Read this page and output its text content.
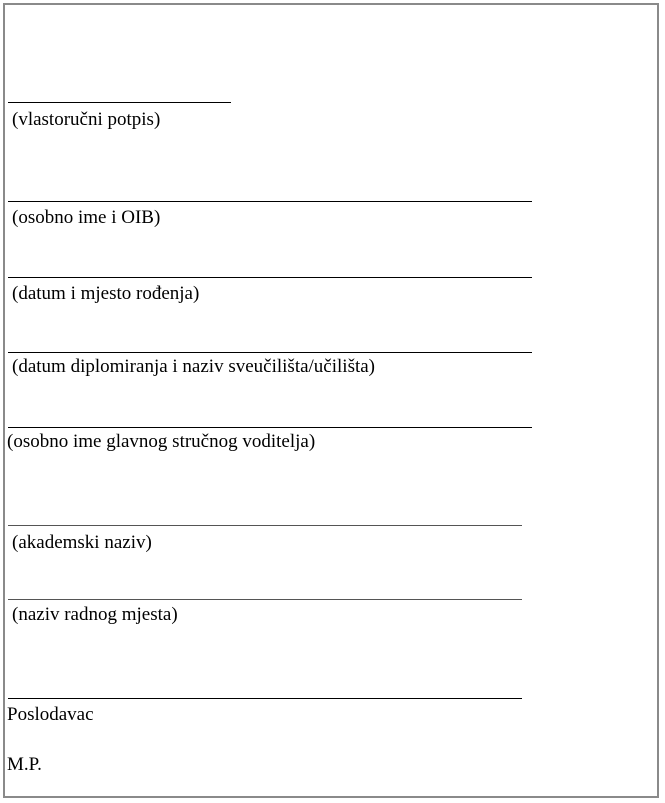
(vlastoručni potpis)
(osobno ime i OIB)
(datum i mjesto rođenja)
(datum diplomiranja i naziv sveučilišta/učilišta)
(osobno ime glavnog stručnog voditelja)
(akademski naziv)
(naziv radnog mjesta)
Poslodavac
M.P.
